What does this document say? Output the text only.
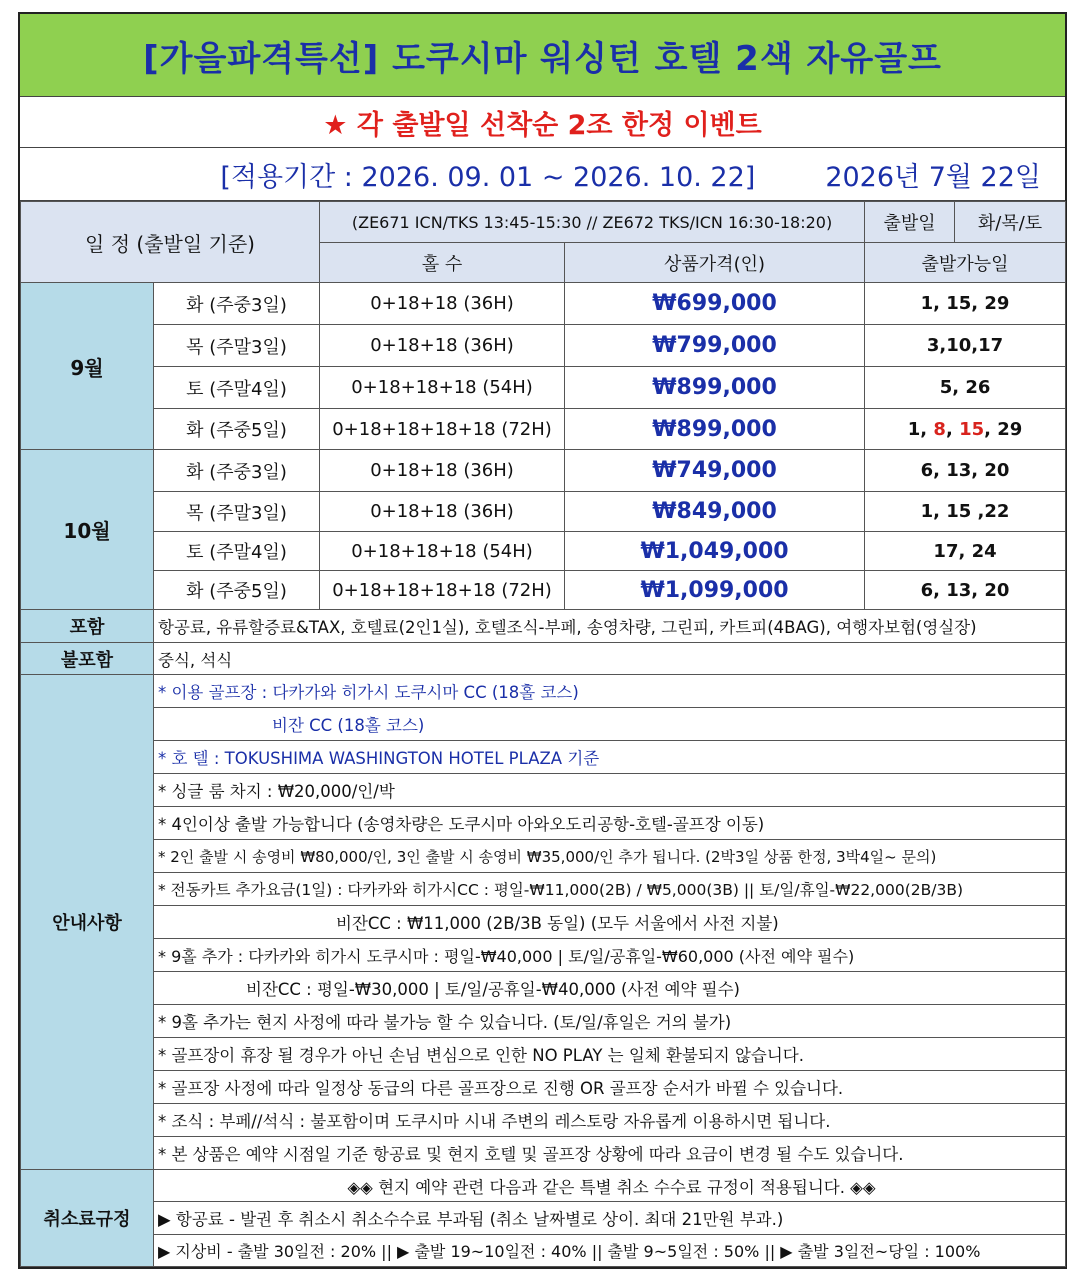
[가을파격특선] 도쿠시마 워싱턴 호텔 2색 자유골프
★ 각 출발일 선착순 2조 한정 이벤트
[적용기간 : 2026. 09. 01 ~ 2026. 10. 22]	2026년 7월 22일
일 정 (출발일 기준)		(ZE671 ICN/TKS 13:45-15:30 // ZE672 TKS/ICN 16:30-18:20)		출발일	화/목/토
		홀 수	상품가격(인)	출발가능일	
9월	화 (주중3일)	0+18+18 (36H)	₩699,000	1, 15, 29	
	목 (주말3일)	0+18+18 (36H)	₩799,000	3,10,17	
	토 (주말4일)	0+18+18+18 (54H)	₩899,000	5, 26	
	화 (주중5일)	0+18+18+18+18 (72H)	₩899,000	1, 8, 15, 29	
10월	화 (주중3일)	0+18+18 (36H)	₩749,000	6, 13, 20	
	목 (주말3일)	0+18+18 (36H)	₩849,000	1, 15 ,22	
	토 (주말4일)	0+18+18+18 (54H)	₩1,049,000	17, 24	
	화 (주중5일)	0+18+18+18+18 (72H)	₩1,099,000	6, 13, 20	
포함	항공료, 유류할증료&TAX, 호텔료(2인1실), 호텔조식-부페, 송영차량, 그린피, 카트피(4BAG), 여행자보험(영실장)				
불포함	중식, 석식				
안내사항	* 이용 골프장 : 다카가와 히가시 도쿠시마 CC (18홀 코스)				
	비잔 CC (18홀 코스)				
	* 호 텔 : TOKUSHIMA WASHINGTON HOTEL PLAZA 기준				
	* 싱글 룸 차지 : ₩20,000/인/박				
	* 4인이상 출발 가능합니다 (송영차량은 도쿠시마 아와오도리공항-호텔-골프장 이동)				
	* 2인 출발 시 송영비 ₩80,000/인, 3인 출발 시 송영비 ₩35,000/인 추가 됩니다. (2박3일 상품 한정, 3박4일~ 문의)				
	* 전동카트 추가요금(1일) : 다카카와 히가시CC : 평일-₩11,000(2B) / ₩5,000(3B) || 토/일/휴일-₩22,000(2B/3B)				
	비잔CC : ₩11,000 (2B/3B 동일) (모두 서울에서 사전 지불)				
	* 9홀 추가 : 다카카와 히가시 도쿠시마 : 평일-₩40,000 | 토/일/공휴일-₩60,000 (사전 예약 필수)				
	비잔CC : 평일-₩30,000 | 토/일/공휴일-₩40,000 (사전 예약 필수)				
	* 9홀 추가는 현지 사정에 따라 불가능 할 수 있습니다. (토/일/휴일은 거의 불가)				
	* 골프장이 휴장 될 경우가 아닌 손님 변심으로 인한 NO PLAY 는 일체 환불되지 않습니다.				
	* 골프장 사정에 따라 일정상 동급의 다른 골프장으로 진행 OR 골프장 순서가 바뀔 수 있습니다.				
	* 조식 : 부페//석식 : 불포함이며 도쿠시마 시내 주변의 레스토랑 자유롭게 이용하시면 됩니다.				
	* 본 상품은 예약 시점일 기준 항공료 및 현지 호텔 및 골프장 상황에 따라 요금이 변경 될 수도 있습니다.				
취소료규정	◈◈ 현지 예약 관련 다음과 같은 특별 취소 수수료 규정이 적용됩니다. ◈◈				
	▶ 항공료 - 발권 후 취소시 취소수수료 부과됨 (취소 날짜별로 상이. 최대 21만원 부과.)				
	▶ 지상비 - 출발 30일전 : 20% || ▶ 출발 19~10일전 : 40% || 출발 9~5일전 : 50% || ▶ 출발 3일전~당일 : 100%				
